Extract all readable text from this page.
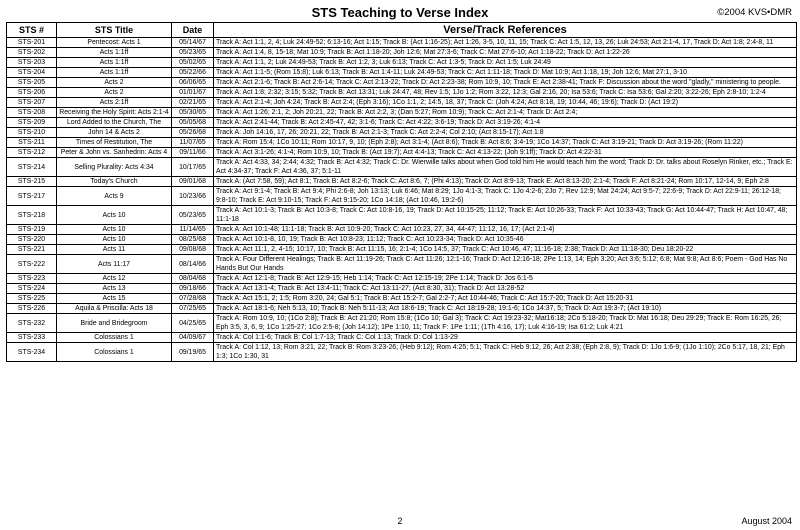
STS Teaching to Verse Index	©2004 KVS•DMR
STS #	STS Title	Date	Verse/Track References
STS-201	Pentecost: Acts 1	05/14/67	Track A: Act 1:1, 2, 4; Luk 24:49-52; 6:13-16; Act 1:15; Track B: (Act 1:16-25); Act 1:26, 3-5, 10, 11, 15; Track C: Act 1:5, 12, 13, 26; Luk 24:53; Act 2:1-4, 17, Track D: Act 1:8; 2:4-8, 11
STS-202	Acts 1:1ff	05/23/65	Track A: Act 1:4, 8, 15-18; Mat 10:9; Track B: Act 1:18-20; Joh 12:6; Mat 27:3-6; Track C: Mat 27:6-10; Act 1:18-22; Track D: Act 1:22-26
STS-203	Acts 1:1ff	05/02/65	Track A: Act 1:1, 2; Luk 24:49-53; Track B: Act 1:2, 3; Luk 6:13; Track C: Act 1:3-5; Track D: Act 1:5; Luk 24:49
STS-204	Acts 1:1ff	05/22/66	Track A: Act 1:1-5; (Rom 15:8); Luk 6:13; Track B: Act 1:4-11; Luk 24:49-53; Track C: Act 1:11-18; Track D: Mat 10:9; Act 1:18, 19; Joh 12:6; Mat 27:1, 3-10
STS-205	Acts 2	06/06/65	Track A: Act 2:1-6; Track B: Act 2:6-14; Track C: Act 2:13-22; Track D: Act 2:23-38; Rom 10:9, 10; Track E: Act 2:38-41; Track F: Discussion about the word "gladly," ministering to people.
STS-206	Acts 2	01/01/67	Track A: Act 1:8; 2:32; 3:15; 5:32; Track B: Act 13:31; Luk 24:47, 48; Rev 1:5; 1Jo 1:2; Rom 3:22, 12:3; Gal 2:16, 20; Isa 53:6; Track C: Isa 53:6; Gal 2:20; 3:22-26; Eph 2:8-10; 1:2-4
STS-207	Acts 2:1ff	02/21/65	Track A: Act 2:1-4; Joh 4:24; Track B: Act 2:4; (Eph 3:16); 1Co 1:1, 2; 14:5, 18, 37; Track C: (Joh 4:24; Act 8:18, 19; 10:44, 46; 19:6); Track D: (Act 19:2)
STS-208	Receiving the Holy Spirit: Acts 2:1-4	05/30/65	Track A: Act 1:26; 2:1, 2; Joh 20:21, 22; Track B: Act 2:2, 3; (Dan 5:27; Rom 10:9); Track C: Act 2:1-4; Track D: Act 2:4;
STS-209	Lord Added to the Church, The	05/05/68	Track A: Act 2:41-44; Track B: Act 2:45-47, 42; 3:1-6; Track C: Act 4:22; 3:6-19; Track D: Act 3:19-26; 4:1-4
STS-210	John 14 & Acts 2	05/26/68	Track A: Joh 14:16, 17, 26; 20:21, 22; Track B: Act 2:1-3; Track C: Act 2:2-4; Col 2:10; (Act 8:15-17); Act 1:8
STS-211	Times of Restitution, The	11/07/65	Track A: Rom 15:4; 1Co 10:11; Rom 10:17, 9, 10; (Eph 2:8); Act 3:1-4; (Act 8:6); Track B: Act 8:6; 3:4-19; 1Co 14:37; Track C: Act 3:19-21; Track D: Act 3:19-26; (Rom 11:22)
STS-212	Peter & John vs. Sanhedrin: Acts 4	09/11/66	Track A: Act 3:1-26; 4:1-4; Rom 10:9, 10; Track B: (Act 19:7); Act 4:4-13; Track C: Act 4:13-22; (Joh 9:1ff); Track D: Act 4:22-31
STS-214	Selling Plurality: Acts 4:34	10/17/65	Track A: Act 4:33, 34; 2:44; 4:32; Track B: Act 4:32; Track C: Dr. Wierwille talks about when God told him He would teach him the word; Track D: Dr. talks about Roselyn Rinker, etc.; Track E: Act 4:34-37; Track F: Act 4:36, 37; 5:1-11
STS-215	Today's Church	09/01/68	Track A: (Act 7:58, 59); Act 8:1; Track B: Act 8:2-6; Track C: Act 8:6, 7; (Phi 4:13); Track D: Act 8:9-13; Track E: Act 8:13-20; 2:1-4; Track F: Act 8:21-24; Rom 10:17, 12-14, 9; Eph 2:8
STS-217	Acts 9	10/23/66	Track A: Act 9:1-4; Track B: Act 9:4; Phi 2:6-8; Joh 13:13; Luk 6:46; Mat 8:29; 1Jo 4:1-3; Track C: 1Jo 4:2-6; 2Jo 7; Rev 12:9; Mat 24:24; Act 9:5-7; 22:6-9; Track D: Act 22:9-11; 26:12-18; 9:8-10; Track E: Act 9:10-15; Track F: Act 9:15-20; 1Co 14:18; (Act 10:46, 19:2-6)
STS-218	Acts 10	05/23/65	Track A: Act 10:1-3; Track B: Act 10:3-8; Track C: Act 10:8-16, 19; Track D: Act 10:15-25; 11:12; Track E: Act 10:26-33; Track F: Act 10:33-43; Track G: Act 10:44-47; Track H: Act 10:47, 48; 11:1-18
STS-219	Acts 10	11/14/65	Track A: Act 10:1-48; 11:1-18; Track B: Act 10:9-20; Track C: Act 10:23, 27, 34, 44-47; 11:12, 16, 17; (Act 2:1-4)
STS-220	Acts 10	08/25/68	Track A: Act 10:1-8, 10, 19; Track B: Act 10:8-23; 11:12; Track C: Act 10:23-34; Track D: Act 10:35-46
STS-221	Acts 11	09/08/68	Track A: Act 11:1, 2, 4-15; 10:17, 10; Track B: Act 11:15, 16; 2:1-4; 1Co 14:5, 37; Track C: Act 10:46, 47; 11:16-18; 2:38; Track D: Act 11:18-30; Deu 18:20-22
STS-222	Acts 11:17	08/14/66	Track A: Four Different Healings; Track B: Act 11:19-26; Track C: Act 11:26; 12:1-16; Track D: Act 12:16-18; 2Pe 1:13, 14; Eph 3:20; Act 3:6; 5:12; 6:8; Mat 9:8; Act 8:6; Poem - God Has No Hands But Our Hands
STS-223	Acts 12	08/04/68	Track A: Act 12:1-8; Track B: Act 12:9-15; Heb 1:14; Track C: Act 12:15-19; 2Pe 1:14; Track D: Jos 6:1-5
STS-224	Acts 13	09/18/66	Track A: Act 13:1-4; Track B: Act 13:4-11; Track C: Act 13:11-27; (Act 8:30, 31); Track D: Act 13:28-52
STS-225	Acts 15	07/28/68	Track A: Act 15:1, 2; 1:5; Rom 3:20, 24; Gal 5:1; Track B: Act 15:2-7; Gal 2:2-7; Act 10:44-46; Track C: Act 15:7-20; Track D: Act 15:20-31
STS-226	Aquila & Priscilla: Acts 18	07/25/65	Track A: Act 18:1-6; Neh 5:13, 10; Track B: Neh 5:11-13; Act 18:6-19; Track C: Act 18:19-28; 19:1-6; 1Co 14:37, 5; Track D: Act 19:3-7; (Act 19:10)
STS-232	Bride and Bridegroom	04/25/65	Track A: Rom 10:9, 10; (1Co 2:8); Track B: Act 21:20; Rom 15:8; (1Co 10; Gal 3); Track C: Act 19:23-32; Mat16:18; 2Co 5:18-20; Track D: Mat 16:18; Deu 29:29; Track E: Rom 16:25, 26; Eph 3:5, 3, 6, 9; 1Co 1:25-27; 1Co 2:5-8; (Joh 14:12); 1Pe 1:10, 11; Track F: 1Pe 1:11; (1Th 4:16, 17); Luk 4:16-19; Isa 61:2; Luk 4:21
STS-233	Colossians 1	04/09/67	Track A: Col 1:1-6; Track B: Col 1:7-13; Track C: Col 1:13; Track D: Col 1:13-29
STS-234	Colossians 1	09/19/65	Track A: Col 1:12, 13; Rom 3:21, 22; Track B: Rom 3:23-26; (Heb 9:12); Rom 4:25; 5:1; Track C: Heb 9:12, 26; Act 2:38; (Eph 2:8, 9); Track D: 1Jo 1:6-9; (1Jo 1:10); 2Co 5:17, 18, 21; Eph 1:3; 1Co 1:30, 31
2	August 2004
